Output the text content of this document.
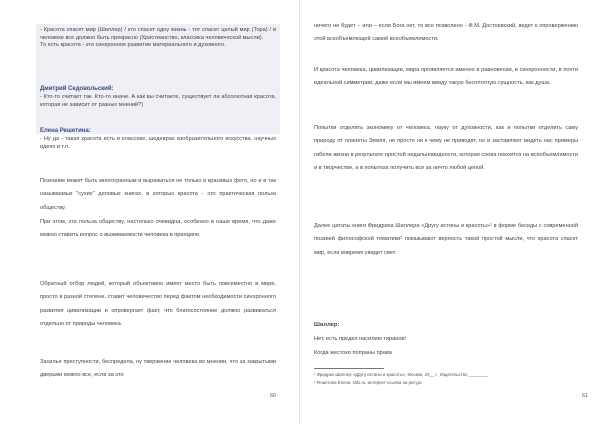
- Красота спасет мир (Шиллер) / кто спасет одну жизнь - тот спасет целый мир (Тора) / в человеке все должно быть прекрасно (Христианство, классика человеческой мысли).
То есть красота - это синхронное развитие материального и духовного.
Дмитрий Седовольский:
- Кто-то считает так. Кто-то иначе. А как вы считаете, существует ли абсолютная красота, которая не зависит от разных мнений?)
Елена Решетина:
- Ну да - такая красота есть в классике, шедеврах изобразительного искусства, научных идеях и т.п.
Познание может быть многогранным и выражаться не только в красивых фото, но и в так называемых "сухих" деловых книгах, в которых красота - это практическая польза обществу.
При этом, эта польза обществу, настолько очевидна, особенно в наше время, что даже можно ставить вопрос о выживаемости человека в принципе.
Обратный отбор людей, который объективно имеет место быть повсеместно в мире, просто в разной степени, ставит человечество перед фактом необходимости синхронного развития цивилизации и опровергает факт, что благосостояние должно развиваться отдельно от природы человека.
Засилье преступности, беспредела, ну твержение человека во мнении, что за закрытыми дверьми можно все, если за это
60
ничего не будет – или – если Бога нет, то все позволено - Ф.М. Достоевский, ведет к опровержению этой всеобъемлющей самой всеобъемлемости.
И красота человека, цивилизации, мира проявляется именно в равновесии, в синхронности, в почти идеальной симметрии, даже если мы имеем ввиду такую бесплотную сущность, как душа.
Попытки отделить экономику от человека, науку от духовности, как и попытки отделить саму природу от планеты Земля, не просто ни к чему не приводят, но и заставляют видеть нас примеры гибели жизни в результате простой недальновидности, которая снова покоится на всеобъемлемости и в творчестве, а в попытках получить все за ничто любой ценой.
Далее цитаты книги Фридриха Шиллера «Другу истины и красоты»¹ в форме беседы с современной поэзией философской тематики² показывают верность такой простой мысли, что красота спасет мир, если вовремя увидит свет.
Шиллер:
Нет, есть предел насилию тиранов!
Когда жестоко попраны права
¹ Фридрих Шиллер «Другу истины и красоты», Москва, 20__ г., Издательство ________
² Решетина Елена, stihi.ru, интернет-ссылка на ресурс
61
